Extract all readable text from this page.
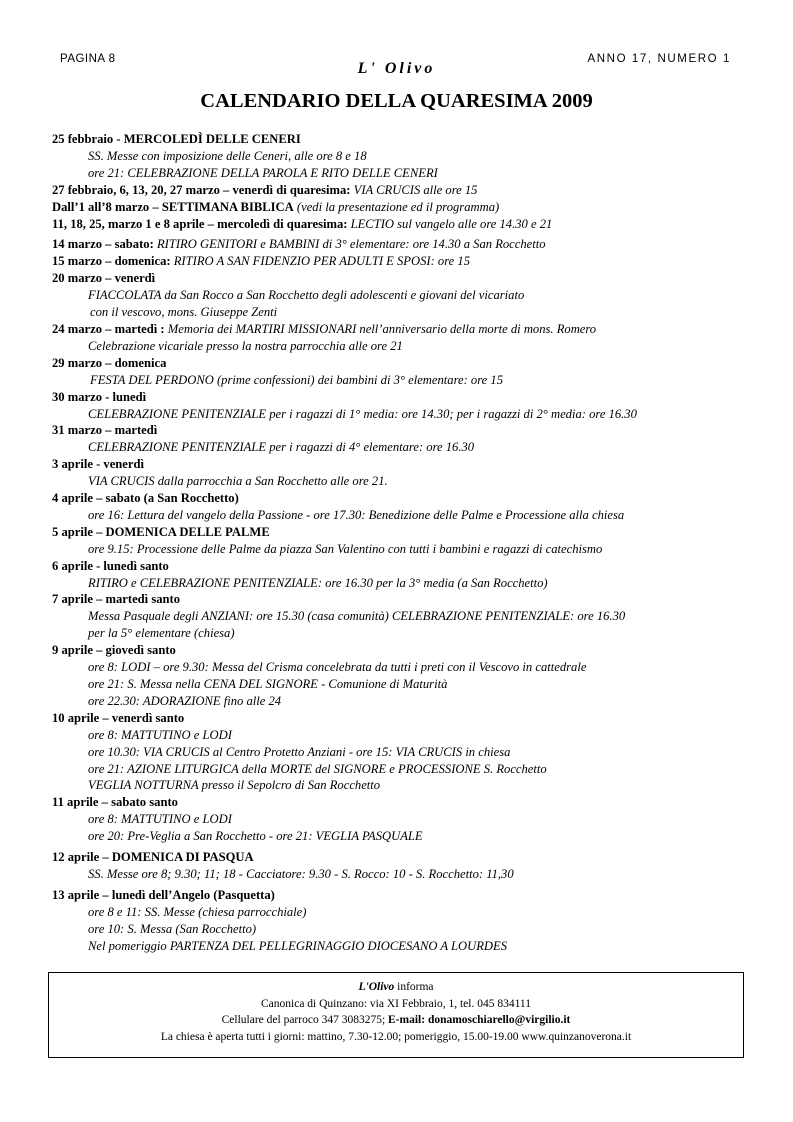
PAGINA 8
L' Olivo
ANNO 17, NUMERO 1
CALENDARIO DELLA QUARESIMA 2009
25 febbraio - MERCOLEDÌ DELLE CENERI
SS. Messe con imposizione delle Ceneri, alle ore 8 e 18
ore 21: CELEBRAZIONE DELLA PAROLA E RITO DELLE CENERI
27 febbraio, 6, 13, 20, 27 marzo – venerdì di quaresima: VIA CRUCIS alle ore 15
Dall’1 all’8 marzo – SETTIMANA BIBLICA (vedi la presentazione ed il programma)
11, 18, 25, marzo 1 e 8 aprile – mercoledì di quaresima: LECTIO sul vangelo alle ore 14.30 e 21
14 marzo – sabato: RITIRO GENITORI e BAMBINI di 3° elementare: ore 14.30 a San Rocchetto
15 marzo – domenica: RITIRO A SAN FIDENZIO PER ADULTI E SPOSI: ore 15
20 marzo – venerdì
FIACCOLATA da San Rocco a San Rocchetto degli adolescenti e giovani del vicariato
con il vescovo, mons. Giuseppe Zenti
24 marzo – martedì : Memoria dei MARTIRI MISSIONARI nell’anniversario della morte di mons. Romero
Celebrazione vicariale presso la nostra parrocchia alle ore 21
29 marzo – domenica
FESTA DEL PERDONO (prime confessioni) dei bambini di 3° elementare: ore 15
30 marzo - lunedì
CELEBRAZIONE PENITENZIALE per i ragazzi di 1° media: ore 14.30; per i ragazzi di 2° media: ore 16.30
31 marzo – martedì
CELEBRAZIONE PENITENZIALE per i ragazzi di 4° elementare: ore 16.30
3 aprile - venerdì
VIA CRUCIS dalla parrocchia a San Rocchetto alle ore 21.
4 aprile – sabato (a San Rocchetto)
ore 16: Lettura del vangelo della Passione - ore 17.30: Benedizione delle Palme e Processione alla chiesa
5 aprile – DOMENICA DELLE PALME
ore 9.15: Processione delle Palme da piazza San Valentino con tutti i bambini e ragazzi di catechismo
6 aprile - lunedì santo
RITIRO e CELEBRAZIONE PENITENZIALE: ore 16.30 per la 3° media (a San Rocchetto)
7 aprile – martedì santo
Messa Pasquale degli ANZIANI: ore 15.30 (casa comunità) CELEBRAZIONE PENITENZIALE: ore 16.30
per la 5° elementare (chiesa)
9 aprile – giovedì santo
ore 8: LODI – ore 9.30: Messa del Crisma concelebrata da tutti i preti con il Vescovo in cattedrale
ore 21: S. Messa nella CENA DEL SIGNORE - Comunione di Maturità
ore 22.30: ADORAZIONE fino alle 24
10 aprile – venerdì santo
ore 8: MATTUTINO e LODI
ore 10.30: VIA CRUCIS al Centro Protetto Anziani - ore 15: VIA CRUCIS in chiesa
ore 21: AZIONE LITURGICA della MORTE del SIGNORE e PROCESSIONE S. Rocchetto
VEGLIA NOTTURNA presso il Sepolcro di San Rocchetto
11 aprile – sabato santo
ore 8: MATTUTINO e LODI
ore 20: Pre-Veglia a San Rocchetto - ore 21: VEGLIA PASQUALE
12 aprile – DOMENICA DI PASQUA
SS. Messe ore 8; 9.30; 11; 18 - Cacciatore: 9.30 - S. Rocco: 10 - S. Rocchetto: 11,30
13 aprile – lunedì dell’Angelo (Pasquetta)
ore 8 e 11: SS. Messe (chiesa parrocchiale)
ore 10: S. Messa (San Rocchetto)
Nel pomeriggio PARTENZA DEL PELLEGRINAGGIO DIOCESANO A LOURDES
L'Olivo informa
Canonica di Quinzano: via XI Febbraio, 1, tel. 045 834111
Cellulare del parroco 347 3083275; E-mail: donamoschiarello@virgilio.it
La chiesa è aperta tutti i giorni: mattino, 7.30-12.00; pomeriggio, 15.00-19.00 www.quinzanoverona.it
